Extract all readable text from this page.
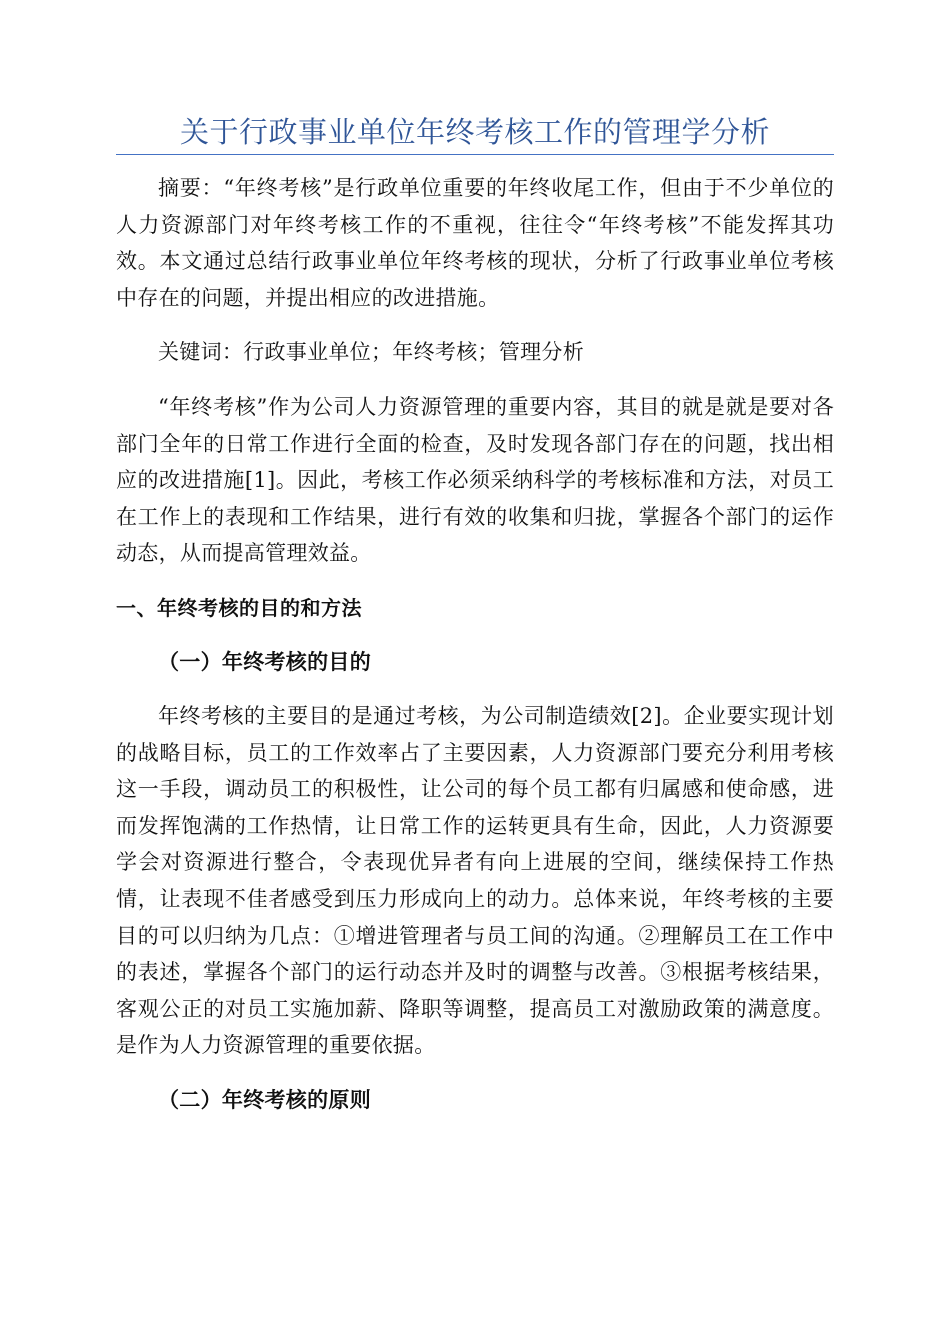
关于行政事业单位年终考核工作的管理学分析

摘要：“年终考核”是行政单位重要的年终收尾工作，但由于不少单位的人力资源部门对年终考核工作的不重视，往往令“年终考核”不能发挥其功效。本文通过总结行政事业单位年终考核的现状，分析了行政事业单位考核中存在的问题，并提出相应的改进措施。

关键词：行政事业单位；年终考核；管理分析

“年终考核”作为公司人力资源管理的重要内容，其目的就是就是要对各部门全年的日常工作进行全面的检查，及时发现各部门存在的问题，找出相应的改进措施[1]。因此，考核工作必须采纳科学的考核标准和方法，对员工在工作上的表现和工作结果，进行有效的收集和归拢，掌握各个部门的运作动态，从而提高管理效益。

一、年终考核的目的和方法
（一）年终考核的目的

年终考核的主要目的是通过考核，为公司制造绩效[2]。企业要实现计划的战略目标，员工的工作效率占了主要因素，人力资源部门要充分利用考核这一手段，调动员工的积极性，让公司的每个员工都有归属感和使命感，进而发挥饱满的工作热情，让日常工作的运转更具有生命，因此，人力资源要学会对资源进行整合，令表现优异者有向上进展的空间，继续保持工作热情，让表现不佳者感受到压力形成向上的动力。总体来说，年终考核的主要目的可以归纳为几点：①增进管理者与员工间的沟通。②理解员工在工作中的表述，掌握各个部门的运行动态并及时的调整与改善。③根据考核结果，客观公正的对员工实施加薪、降职等调整，提高员工对激励政策的满意度。是作为人力资源管理的重要依据。

（二）年终考核的原则
